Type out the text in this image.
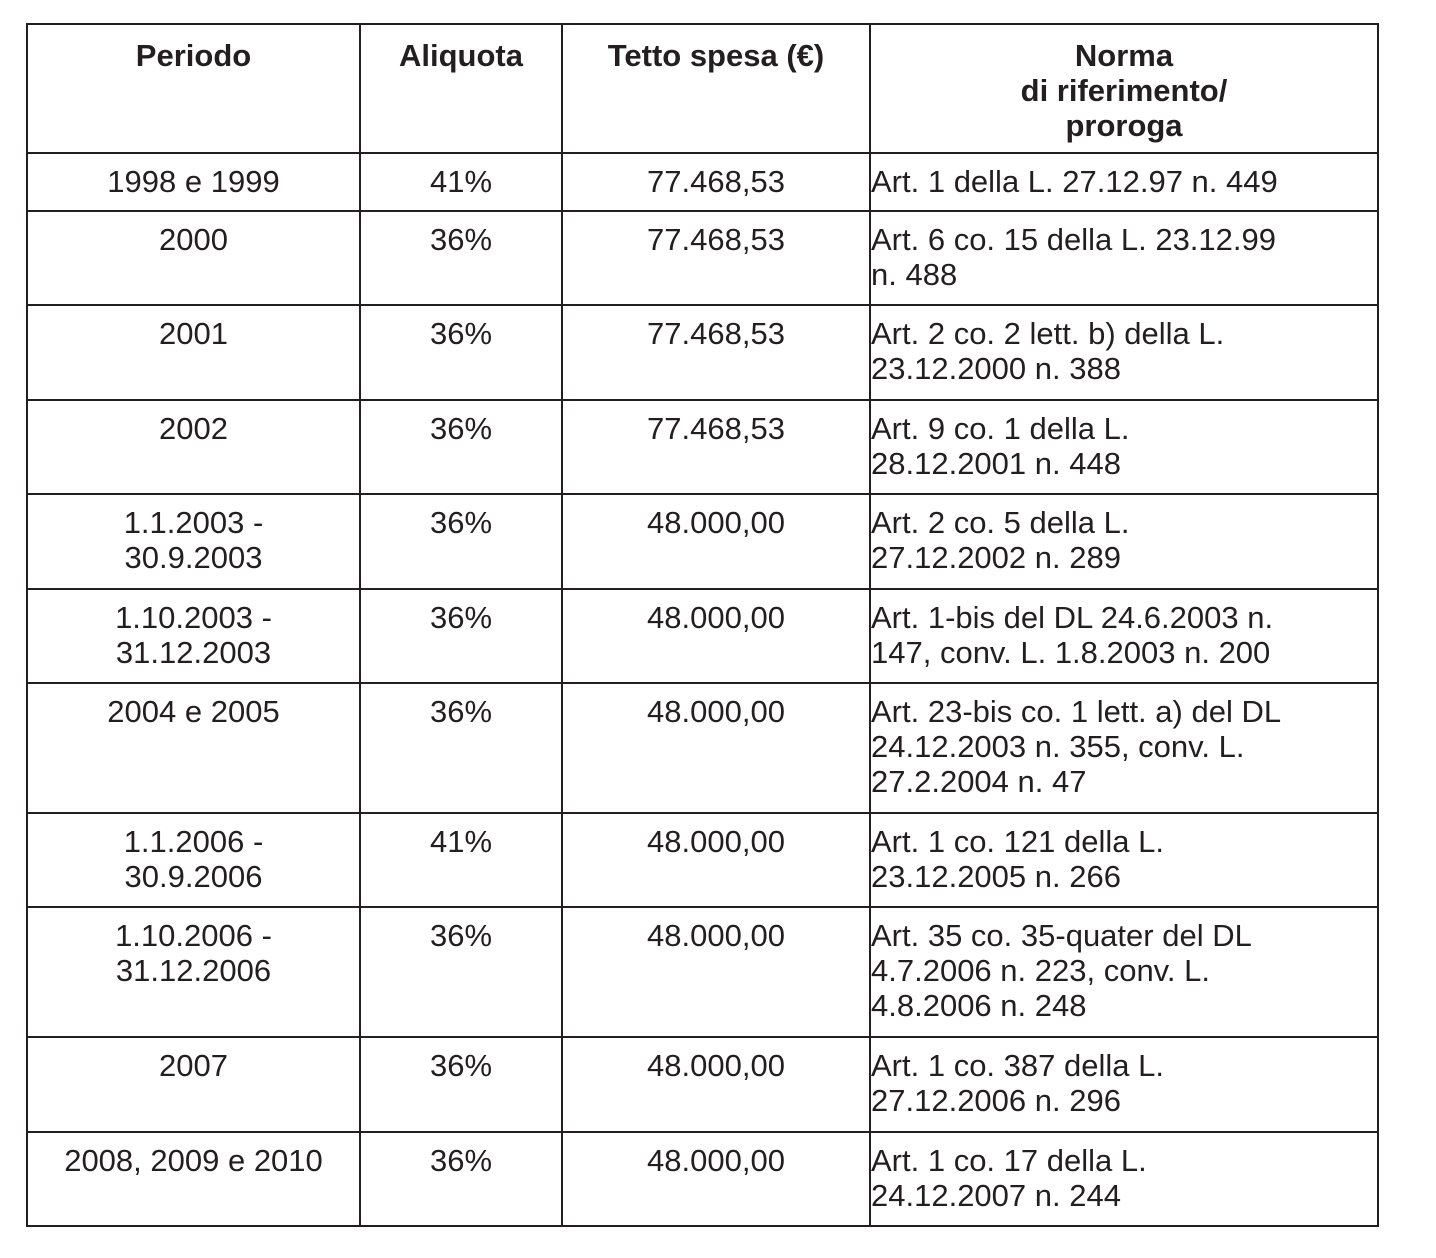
Periodo	Aliquota	Tetto spesa (€)	Norma
di riferimento/
proroga
1998 e 1999	41%	77.468,53	Art. 1 della L. 27.12.97 n. 449
2000	36%	77.468,53	Art. 6 co. 15 della L. 23.12.99
n. 488
2001	36%	77.468,53	Art. 2 co. 2 lett. b) della L.
23.12.2000 n. 388
2002	36%	77.468,53	Art. 9 co. 1 della L.
28.12.2001 n. 448
1.1.2003 -
30.9.2003	36%	48.000,00	Art. 2 co. 5 della L.
27.12.2002 n. 289
1.10.2003 -
31.12.2003	36%	48.000,00	Art. 1-bis del DL 24.6.2003 n.
147, conv. L. 1.8.2003 n. 200
2004 e 2005	36%	48.000,00	Art. 23-bis co. 1 lett. a) del DL
24.12.2003 n. 355, conv. L.
27.2.2004 n. 47
1.1.2006 -
30.9.2006	41%	48.000,00	Art. 1 co. 121 della L.
23.12.2005 n. 266
1.10.2006 -
31.12.2006	36%	48.000,00	Art. 35 co. 35-quater del DL
4.7.2006 n. 223, conv. L.
4.8.2006 n. 248
2007	36%	48.000,00	Art. 1 co. 387 della L.
27.12.2006 n. 296
2008, 2009 e 2010	36%	48.000,00	Art. 1 co. 17 della L.
24.12.2007 n. 244
